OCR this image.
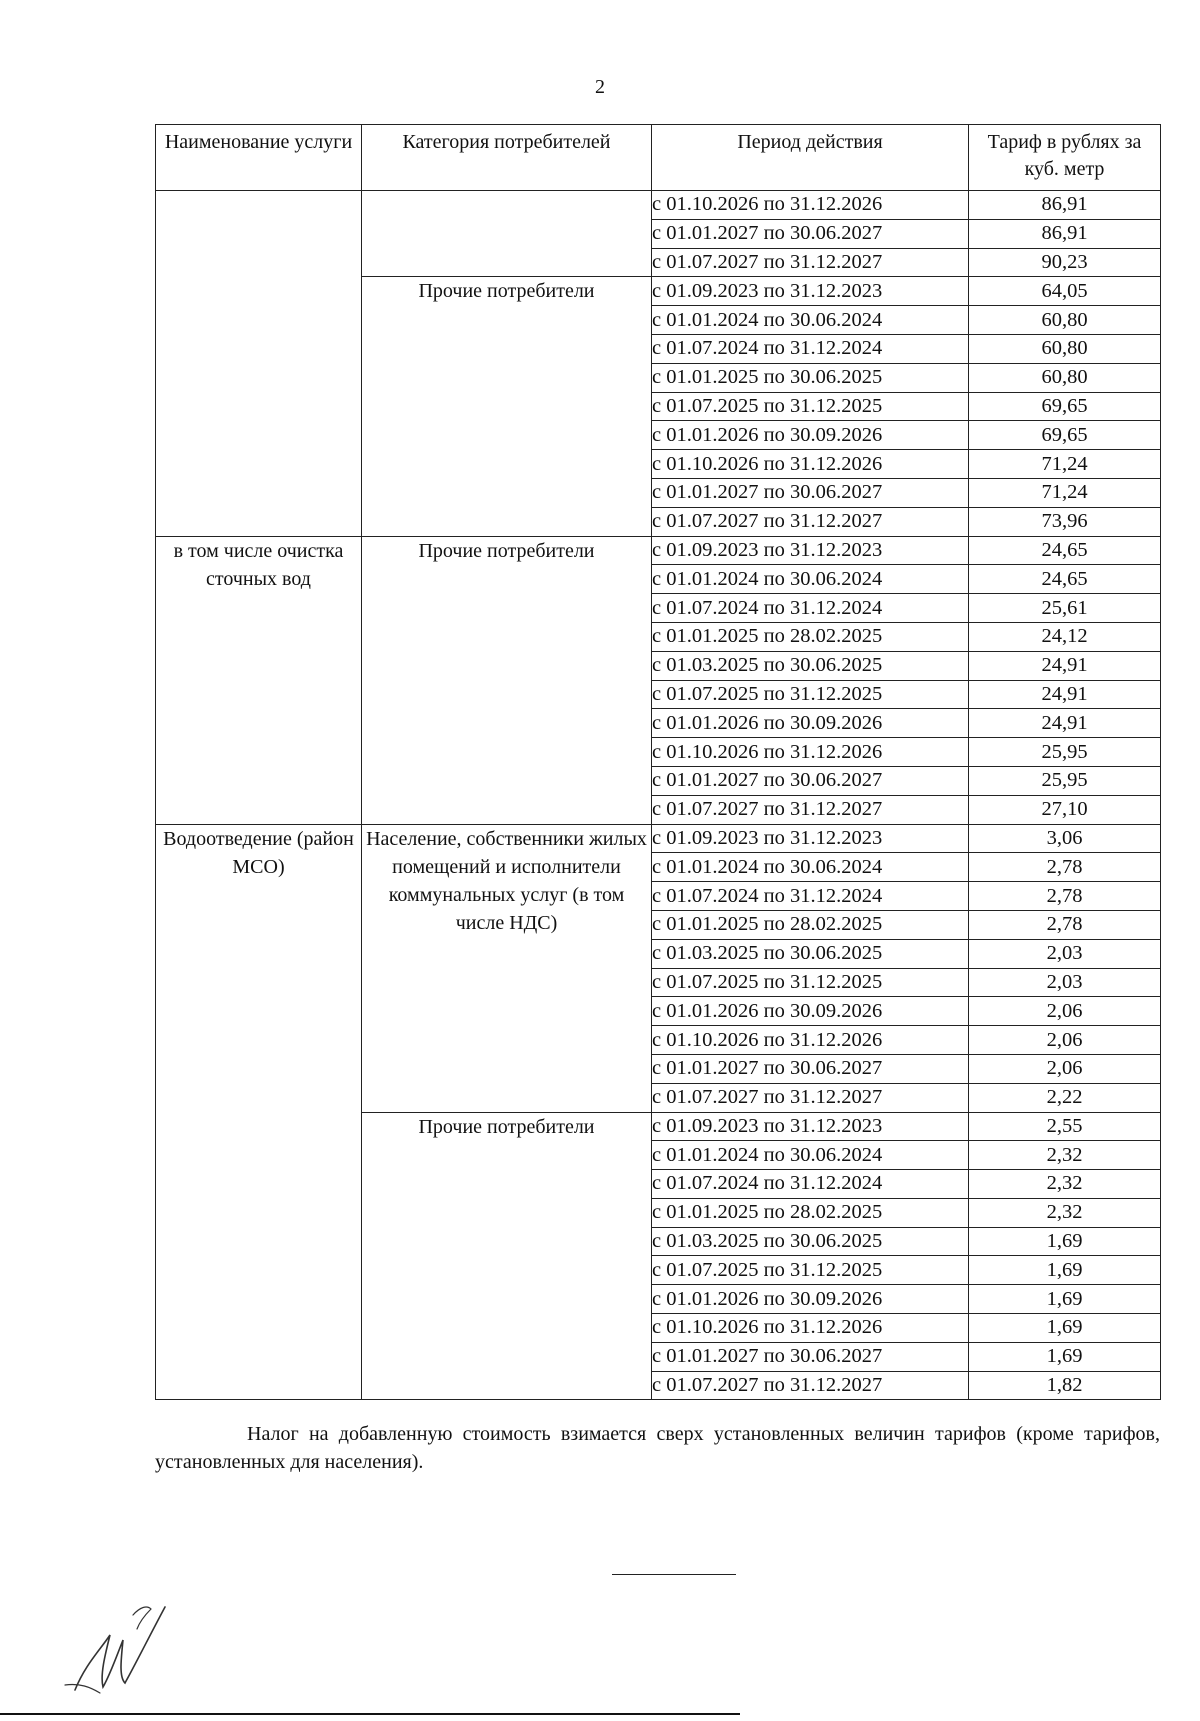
2
Наименование услуги	Категория потребителей	Период действия	Тариф в рублях за куб. метр
		с 01.10.2026 по 31.12.2026	86,91
		с 01.01.2027 по 30.06.2027	86,91
		с 01.07.2027 по 31.12.2027	90,23
	Прочие потребители	с 01.09.2023 по 31.12.2023	64,05
		с 01.01.2024 по 30.06.2024	60,80
		с 01.07.2024 по 31.12.2024	60,80
		с 01.01.2025 по 30.06.2025	60,80
		с 01.07.2025 по 31.12.2025	69,65
		с 01.01.2026 по 30.09.2026	69,65
		с 01.10.2026 по 31.12.2026	71,24
		с 01.01.2027 по 30.06.2027	71,24
		с 01.07.2027 по 31.12.2027	73,96
в том числе очистка сточных вод	Прочие потребители	с 01.09.2023 по 31.12.2023	24,65
		с 01.01.2024 по 30.06.2024	24,65
		с 01.07.2024 по 31.12.2024	25,61
		с 01.01.2025 по 28.02.2025	24,12
		с 01.03.2025 по 30.06.2025	24,91
		с 01.07.2025 по 31.12.2025	24,91
		с 01.01.2026 по 30.09.2026	24,91
		с 01.10.2026 по 31.12.2026	25,95
		с 01.01.2027 по 30.06.2027	25,95
		с 01.07.2027 по 31.12.2027	27,10
Водоотведение (район МСО)	Население, собственники жилых помещений и исполнители коммунальных услуг (в том числе НДС)	с 01.09.2023 по 31.12.2023	3,06
		с 01.01.2024 по 30.06.2024	2,78
		с 01.07.2024 по 31.12.2024	2,78
		с 01.01.2025 по 28.02.2025	2,78
		с 01.03.2025 по 30.06.2025	2,03
		с 01.07.2025 по 31.12.2025	2,03
		с 01.01.2026 по 30.09.2026	2,06
		с 01.10.2026 по 31.12.2026	2,06
		с 01.01.2027 по 30.06.2027	2,06
		с 01.07.2027 по 31.12.2027	2,22
	Прочие потребители	с 01.09.2023 по 31.12.2023	2,55
		с 01.01.2024 по 30.06.2024	2,32
		с 01.07.2024 по 31.12.2024	2,32
		с 01.01.2025 по 28.02.2025	2,32
		с 01.03.2025 по 30.06.2025	1,69
		с 01.07.2025 по 31.12.2025	1,69
		с 01.01.2026 по 30.09.2026	1,69
		с 01.10.2026 по 31.12.2026	1,69
		с 01.01.2027 по 30.06.2027	1,69
		с 01.07.2027 по 31.12.2027	1,82
Налог на добавленную стоимость взимается сверх установленных величин тарифов (кроме тарифов, установленных для населения).
